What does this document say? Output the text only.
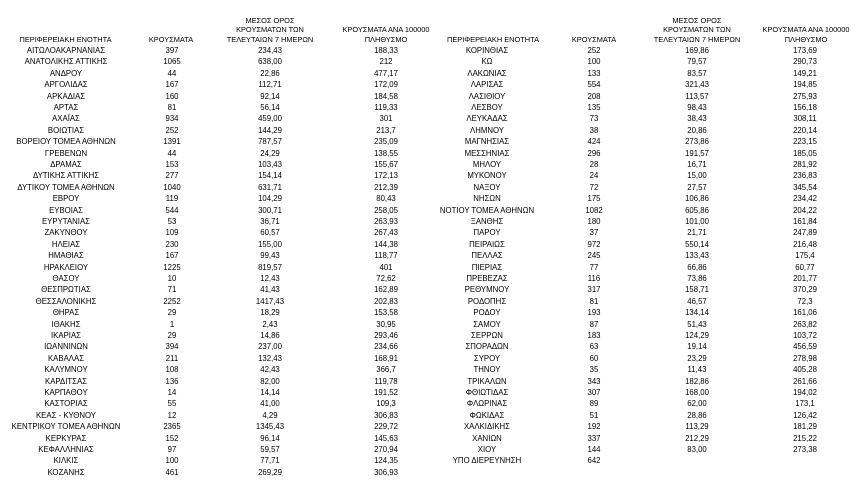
ΠΕΡΙΦΕΡΕΙΑΚΗ ΕΝΟΤΗΤΑ	ΚΡΟΥΣΜΑΤΑ
ΜΕΣΟΣ ΟΡΟΣ
ΚΡΟΥΣΜΑΤΩΝ ΤΩΝ
ΤΕΛΕΥΤΑΙΩΝ 7 ΗΜΕΡΩΝ
ΚΡΟΥΣΜΑΤΑ ΑΝΑ 100000
ΠΛΗΘΥΣΜΟ	ΠΕΡΙΦΕΡΕΙΑΚΗ ΕΝΟΤΗΤΑ	ΚΡΟΥΣΜΑΤΑ
ΜΕΣΟΣ ΟΡΟΣ
ΚΡΟΥΣΜΑΤΩΝ ΤΩΝ
ΤΕΛΕΥΤΑΙΩΝ 7 ΗΜΕΡΩΝ
ΚΡΟΥΣΜΑΤΑ ΑΝΑ 100000
ΠΛΗΘΥΣΜΟ
ΑΙΤΩΛΟΑΚΑΡΝΑΝΙΑΣ	397	234,43	188,33
ΑΝΑΤΟΛΙΚΗΣ ΑΤΤΙΚΗΣ	1065	638,00	212
ΑΝΔΡΟΥ	44	22,86	477,17
ΑΡΓΟΛΙΔΑΣ	167	112,71	172,09
ΑΡΚΑΔΙΑΣ	160	92,14	184,58
ΑΡΤΑΣ	81	56,14	119,33
ΑΧΑΪΑΣ	934	459,00	301
ΒΟΙΩΤΙΑΣ	252	144,29	213,7
ΒΟΡΕΙΟΥ ΤΟΜΕΑ ΑΘΗΝΩΝ	1391	787,57	235,09
ΓΡΕΒΕΝΩΝ	44	24,29	138,55
ΔΡΑΜΑΣ	153	103,43	155,67
ΔΥΤΙΚΗΣ ΑΤΤΙΚΗΣ	277	154,14	172,13
ΔΥΤΙΚΟΥ ΤΟΜΕΑ ΑΘΗΝΩΝ	1040	631,71	212,39
ΕΒΡΟΥ	119	104,29	80,43
ΕΥΒΟΙΑΣ	544	300,71	258,05
ΕΥΡΥΤΑΝΙΑΣ	53	36,71	263,93
ΖΑΚΥΝΘΟΥ	109	60,57	267,43
ΗΛΕΙΑΣ	230	155,00	144,38
ΗΜΑΘΙΑΣ	167	99,43	118,77
ΗΡΑΚΛΕΙΟΥ	1225	819,57	401
ΘΑΣΟΥ	10	12,43	72,62
ΘΕΣΠΡΩΤΙΑΣ	71	41,43	162,89
ΘΕΣΣΑΛΟΝΙΚΗΣ	2252	1417,43	202,83
ΘΗΡΑΣ	29	18,29	153,58
ΙΘΑΚΗΣ	1	2,43	30,95
ΙΚΑΡΙΑΣ	29	14,86	293,46
ΙΩΑΝΝΙΝΩΝ	394	237,00	234,66
ΚΑΒΑΛΑΣ	211	132,43	168,91
ΚΑΛΥΜΝΟΥ	108	42,43	366,7
ΚΑΡΔΙΤΣΑΣ	136	82,00	119,78
ΚΑΡΠΑΘΟΥ	14	14,14	191,52
ΚΑΣΤΟΡΙΑΣ	55	41,00	109,3
ΚΕΑΣ - ΚΥΘΝΟΥ	12	4,29	306,83
ΚΕΝΤΡΙΚΟΥ ΤΟΜΕΑ ΑΘΗΝΩΝ	2365	1345,43	229,72
ΚΕΡΚΥΡΑΣ	152	96,14	145,63
ΚΕΦΑΛΛΗΝΙΑΣ	97	59,57	270,94
ΚΙΛΚΙΣ	100	77,71	124,35
ΚΟΖΑΝΗΣ	461	269,29	306,93
ΚΟΡΙΝΘΙΑΣ	252	169,86	173,69
ΚΩ	100	79,57	290,73
ΛΑΚΩΝΙΑΣ	133	83,57	149,21
ΛΑΡΙΣΑΣ	554	321,43	194,85
ΛΑΣΙΘΙΟΥ	208	113,57	275,93
ΛΕΣΒΟΥ	135	98,43	156,18
ΛΕΥΚΑΔΑΣ	73	38,43	308,11
ΛΗΜΝΟΥ	38	20,86	220,14
ΜΑΓΝΗΣΙΑΣ	424	273,86	223,15
ΜΕΣΣΗΝΙΑΣ	296	191,57	185,05
ΜΗΛΟΥ	28	16,71	281,92
ΜΥΚΟΝΟΥ	24	15,00	236,83
ΝΑΞΟΥ	72	27,57	345,54
ΝΗΣΩΝ	175	106,86	234,42
ΝΟΤΙΟΥ ΤΟΜΕΑ ΑΘΗΝΩΝ	1082	605,86	204,22
ΞΑΝΘΗΣ	180	101,00	161,84
ΠΑΡΟΥ	37	21,71	247,89
ΠΕΙΡΑΙΩΣ	972	550,14	216,48
ΠΕΛΛΑΣ	245	133,43	175,4
ΠΙΕΡΙΑΣ	77	66,86	60,77
ΠΡΕΒΕΖΑΣ	116	73,86	201,77
ΡΕΘΥΜΝΟΥ	317	158,71	370,29
ΡΟΔΟΠΗΣ	81	46,57	72,3
ΡΟΔΟΥ	193	134,14	161,06
ΣΑΜΟΥ	87	51,43	263,82
ΣΕΡΡΩΝ	183	124,29	103,72
ΣΠΟΡΑΔΩΝ	63	19,14	456,59
ΣΥΡΟΥ	60	23,29	278,98
ΤΗΝΟΥ	35	11,43	405,28
ΤΡΙΚΑΛΩΝ	343	182,86	261,66
ΦΘΙΩΤΙΔΑΣ	307	168,00	194,02
ΦΛΩΡΙΝΑΣ	89	62,00	173,1
ΦΩΚΙΔΑΣ	51	28,86	126,42
ΧΑΛΚΙΔΙΚΗΣ	192	113,29	181,29
ΧΑΝΙΩΝ	337	212,29	215,22
ΧΙΟΥ	144	83,00	273,38
ΥΠΟ ΔΙΕΡΕΥΝΗΣΗ	642
